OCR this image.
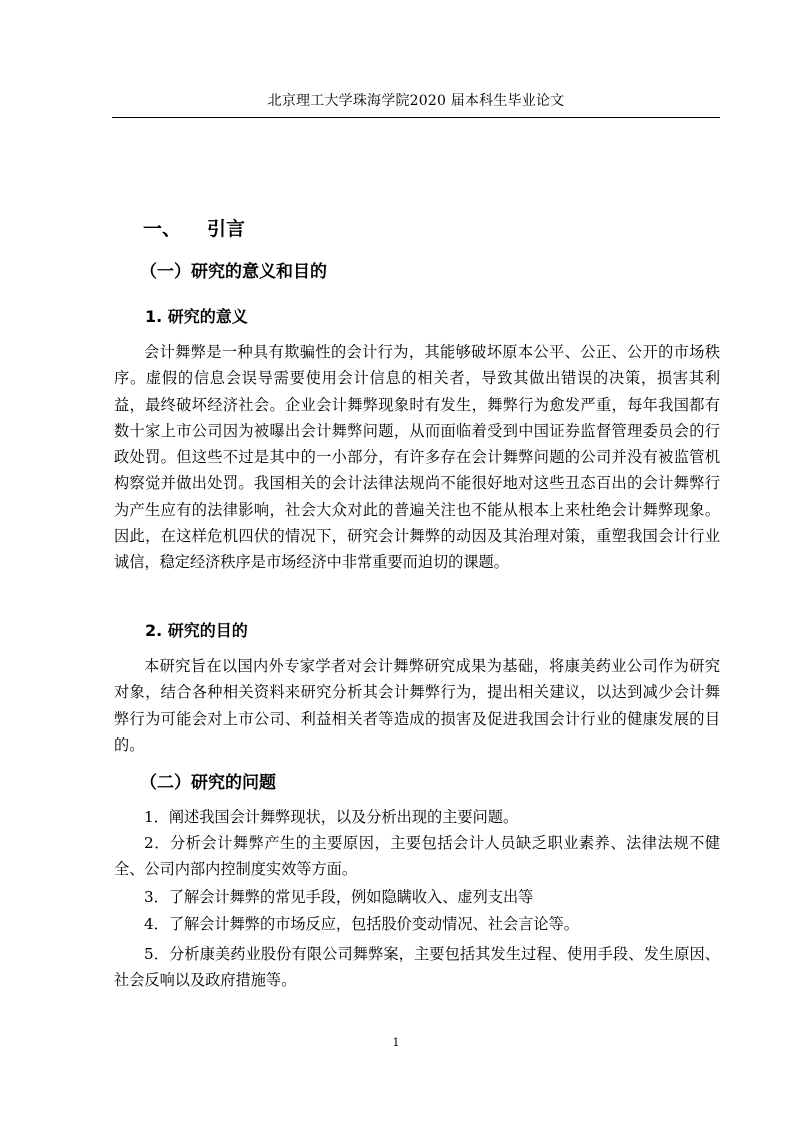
北京理工大学珠海学院2020 届本科生毕业论文
一、 引言
（一）研究的意义和目的
1. 研究的意义

会计舞弊是一种具有欺骗性的会计行为，其能够破坏原本公平、公正、公开的市场秩序。虚假的信息会误导需要使用会计信息的相关者，导致其做出错误的决策，损害其利益，最终破坏经济社会。企业会计舞弊现象时有发生，舞弊行为愈发严重，每年我国都有数十家上市公司因为被曝出会计舞弊问题，从而面临着受到中国证券监督管理委员会的行政处罚。但这些不过是其中的一小部分，有许多存在会计舞弊问题的公司并没有被监管机构察觉并做出处罚。我国相关的会计法律法规尚不能很好地对这些丑态百出的会计舞弊行为产生应有的法律影响，社会大众对此的普遍关注也不能从根本上来杜绝会计舞弊现象。因此，在这样危机四伏的情况下，研究会计舞弊的动因及其治理对策，重塑我国会计行业诚信，稳定经济秩序是市场经济中非常重要而迫切的课题。

2. 研究的目的

本研究旨在以国内外专家学者对会计舞弊研究成果为基础，将康美药业公司作为研究对象，结合各种相关资料来研究分析其会计舞弊行为，提出相关建议，以达到减少会计舞弊行为可能会对上市公司、利益相关者等造成的损害及促进我国会计行业的健康发展的目的。

（二）研究的问题

1．阐述我国会计舞弊现状，以及分析出现的主要问题。

2．分析会计舞弊产生的主要原因，主要包括会计人员缺乏职业素养、法律法规不健全、公司内部内控制度实效等方面。

3．了解会计舞弊的常见手段，例如隐瞒收入、虚列支出等

4．了解会计舞弊的市场反应，包括股价变动情况、社会言论等。

5．分析康美药业股份有限公司舞弊案，主要包括其发生过程、使用手段、发生原因、社会反响以及政府措施等。

1
